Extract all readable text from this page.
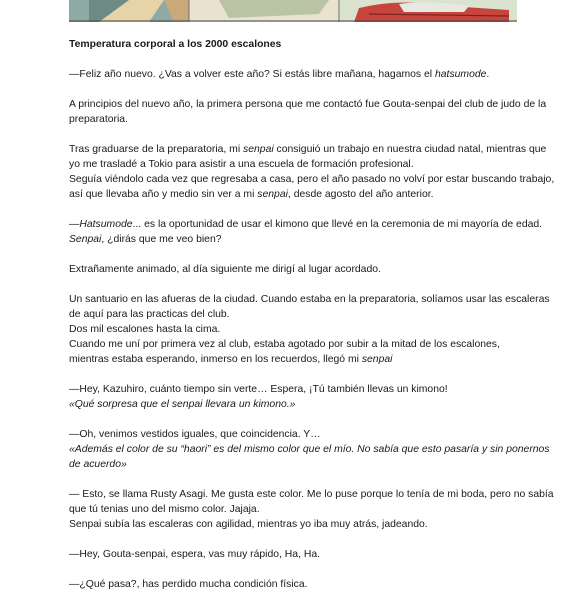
Temperatura corporal a los 2000 escalones

—Feliz año nuevo. ¿Vas a volver este año? Si estás libre mañana, hagamos el hatsumode.

A principios del nuevo año, la primera persona que me contactó fue Gouta-senpai del club de judo de la
preparatoria.

Tras graduarse de la preparatoria, mi senpai consiguió un trabajo en nuestra ciudad natal, mientras que
yo me trasladé a Tokio para asistir a una escuela de formación profesional.
Seguía viéndolo cada vez que regresaba a casa, pero el año pasado no volví por estar buscando trabajo,
así que llevaba año y medio sin ver a mi senpai, desde agosto del año anterior.

—Hatsumode... es la oportunidad de usar el kimono que llevé en la ceremonia de mi mayoría de edad.
Senpai, ¿dirás que me veo bien?

Extrañamente animado, al día siguiente me dirigí al lugar acordado.

Un santuario en las afueras de la ciudad. Cuando estaba en la preparatoria, solíamos usar las escaleras
de aquí para las practicas del club.
Dos mil escalones hasta la cima.
Cuando me uní por primera vez al club, estaba agotado por subir a la mitad de los escalones,
mientras estaba esperando, inmerso en los recuerdos, llegó mi senpai

—Hey, Kazuhiro, cuánto tiempo sin verte… Espera, ¡Tú también llevas un kimono!
«Qué sorpresa que el senpai llevara un kimono.»

—Oh, venimos vestidos iguales, que coincidencia. Y…
«Además el color de su “haori” es del mismo color que el mío. No sabía que esto pasaría y sin ponernos
de acuerdo»

— Esto, se llama Rusty Asagi. Me gusta este color. Me lo puse porque lo tenía de mi boda, pero no sabía
que tú tenias uno del mismo color. Jajaja.
Senpai subía las escaleras con agilidad, mientras yo iba muy atrás, jadeando.

—Hey, Gouta-senpai, espera, vas muy rápido, Ha, Ha.

—¿Qué pasa?, has perdido mucha condición física.
